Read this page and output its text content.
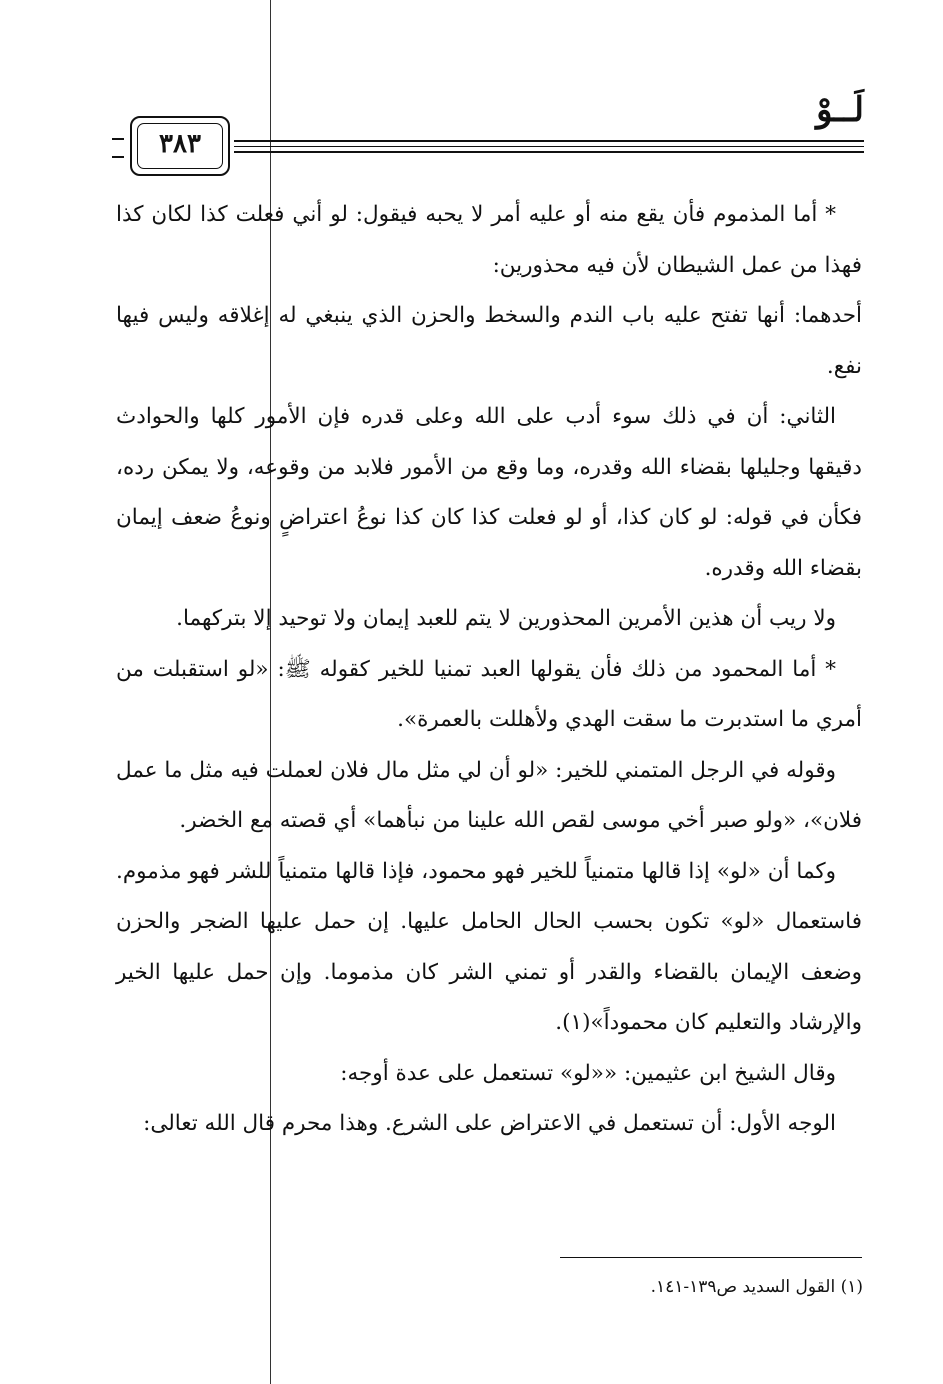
لَــوْ
٣٨٣

* أما المذموم فأن يقع منه أو عليه أمر لا يحبه فيقول: لو أني فعلت كذا لكان كذا فهذا من عمل الشيطان لأن فيه محذورين:

أحدهما: أنها تفتح عليه باب الندم والسخط والحزن الذي ينبغي له إغلاقه وليس فيها نفع.

الثاني: أن في ذلك سوء أدب على الله وعلى قدره فإن الأمور كلها والحوادث دقيقها وجليلها بقضاء الله وقدره، وما وقع من الأمور فلابد من وقوعه، ولا يمكن رده، فكأن في قوله: لو كان كذا، أو لو فعلت كذا كان كذا نوعُ اعتراضٍ ونوعُ ضعف إيمان بقضاء الله وقدره.

ولا ريب أن هذين الأمرين المحذورين لا يتم للعبد إيمان ولا توحيد إلا بتركهما.

* أما المحمود من ذلك فأن يقولها العبد تمنيا للخير كقوله ﷺ: «لو استقبلت من أمري ما استدبرت ما سقت الهدي ولأهللت بالعمرة».

وقوله في الرجل المتمني للخير: «لو أن لي مثل مال فلان لعملت فيه مثل ما عمل فلان»، «ولو صبر أخي موسى لقص الله علينا من نبأهما» أي قصته مع الخضر.

وكما أن «لو» إذا قالها متمنياً للخير فهو محمود، فإذا قالها متمنياً للشر فهو مذموم. فاستعمال «لو» تكون بحسب الحال الحامل عليها. إن حمل عليها الضجر والحزن وضعف الإيمان بالقضاء والقدر أو تمني الشر كان مذموما. وإن حمل عليها الخير والإرشاد والتعليم كان محموداً»(١).

وقال الشيخ ابن عثيمين: ««لو» تستعمل على عدة أوجه:

الوجه الأول: أن تستعمل في الاعتراض على الشرع. وهذا محرم قال الله تعالى:

(١) القول السديد ص١٣٩-١٤١.
